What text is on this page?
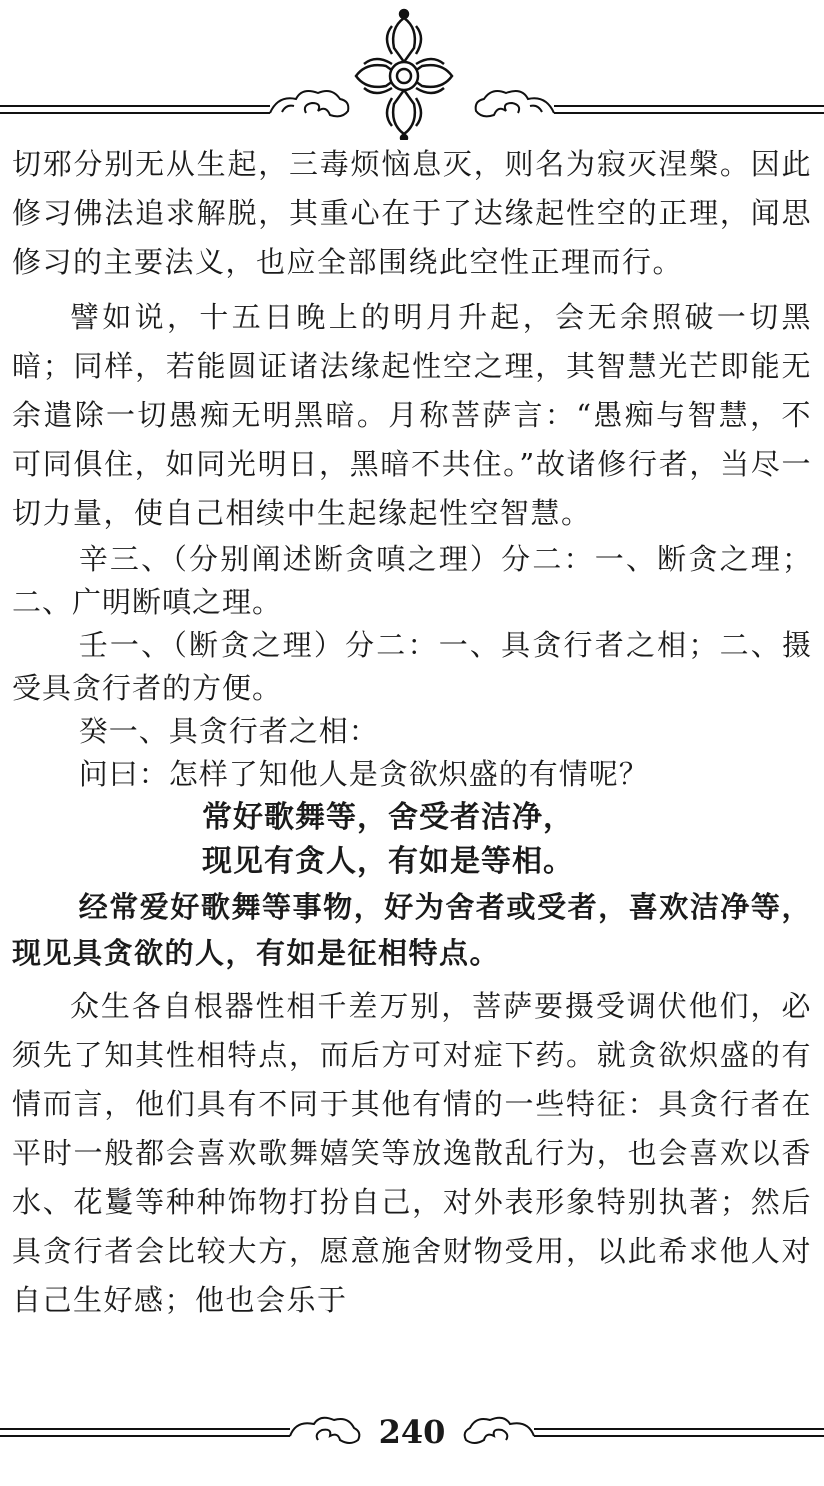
切邪分别无从生起，三毒烦恼息灭，则名为寂灭涅槃。因此修习佛法追求解脱，其重心在于了达缘起性空的正理，闻思修习的主要法义，也应全部围绕此空性正理而行。

譬如说，十五日晚上的明月升起，会无余照破一切黑暗；同样，若能圆证诸法缘起性空之理，其智慧光芒即能无余遣除一切愚痴无明黑暗。月称菩萨言：“愚痴与智慧，不可同俱住，如同光明日，黑暗不共住。”故诸修行者，当尽一切力量，使自己相续中生起缘起性空智慧。

辛三、（分别阐述断贪嗔之理）分二：一、断贪之理；二、广明断嗔之理。

壬一、（断贪之理）分二：一、具贪行者之相；二、摄受具贪行者的方便。

癸一、具贪行者之相：

问曰：怎样了知他人是贪欲炽盛的有情呢？

常好歌舞等，舍受者洁净，

现见有贪人，有如是等相。

经常爱好歌舞等事物，好为舍者或受者，喜欢洁净等，现见具贪欲的人，有如是征相特点。

众生各自根器性相千差万别，菩萨要摄受调伏他们，必须先了知其性相特点，而后方可对症下药。就贪欲炽盛的有情而言，他们具有不同于其他有情的一些特征：具贪行者在平时一般都会喜欢歌舞嬉笑等放逸散乱行为，也会喜欢以香水、花鬘等种种饰物打扮自己，对外表形象特别执著；然后具贪行者会比较大方，愿意施舍财物受用，以此希求他人对自己生好感；他也会乐于

240
